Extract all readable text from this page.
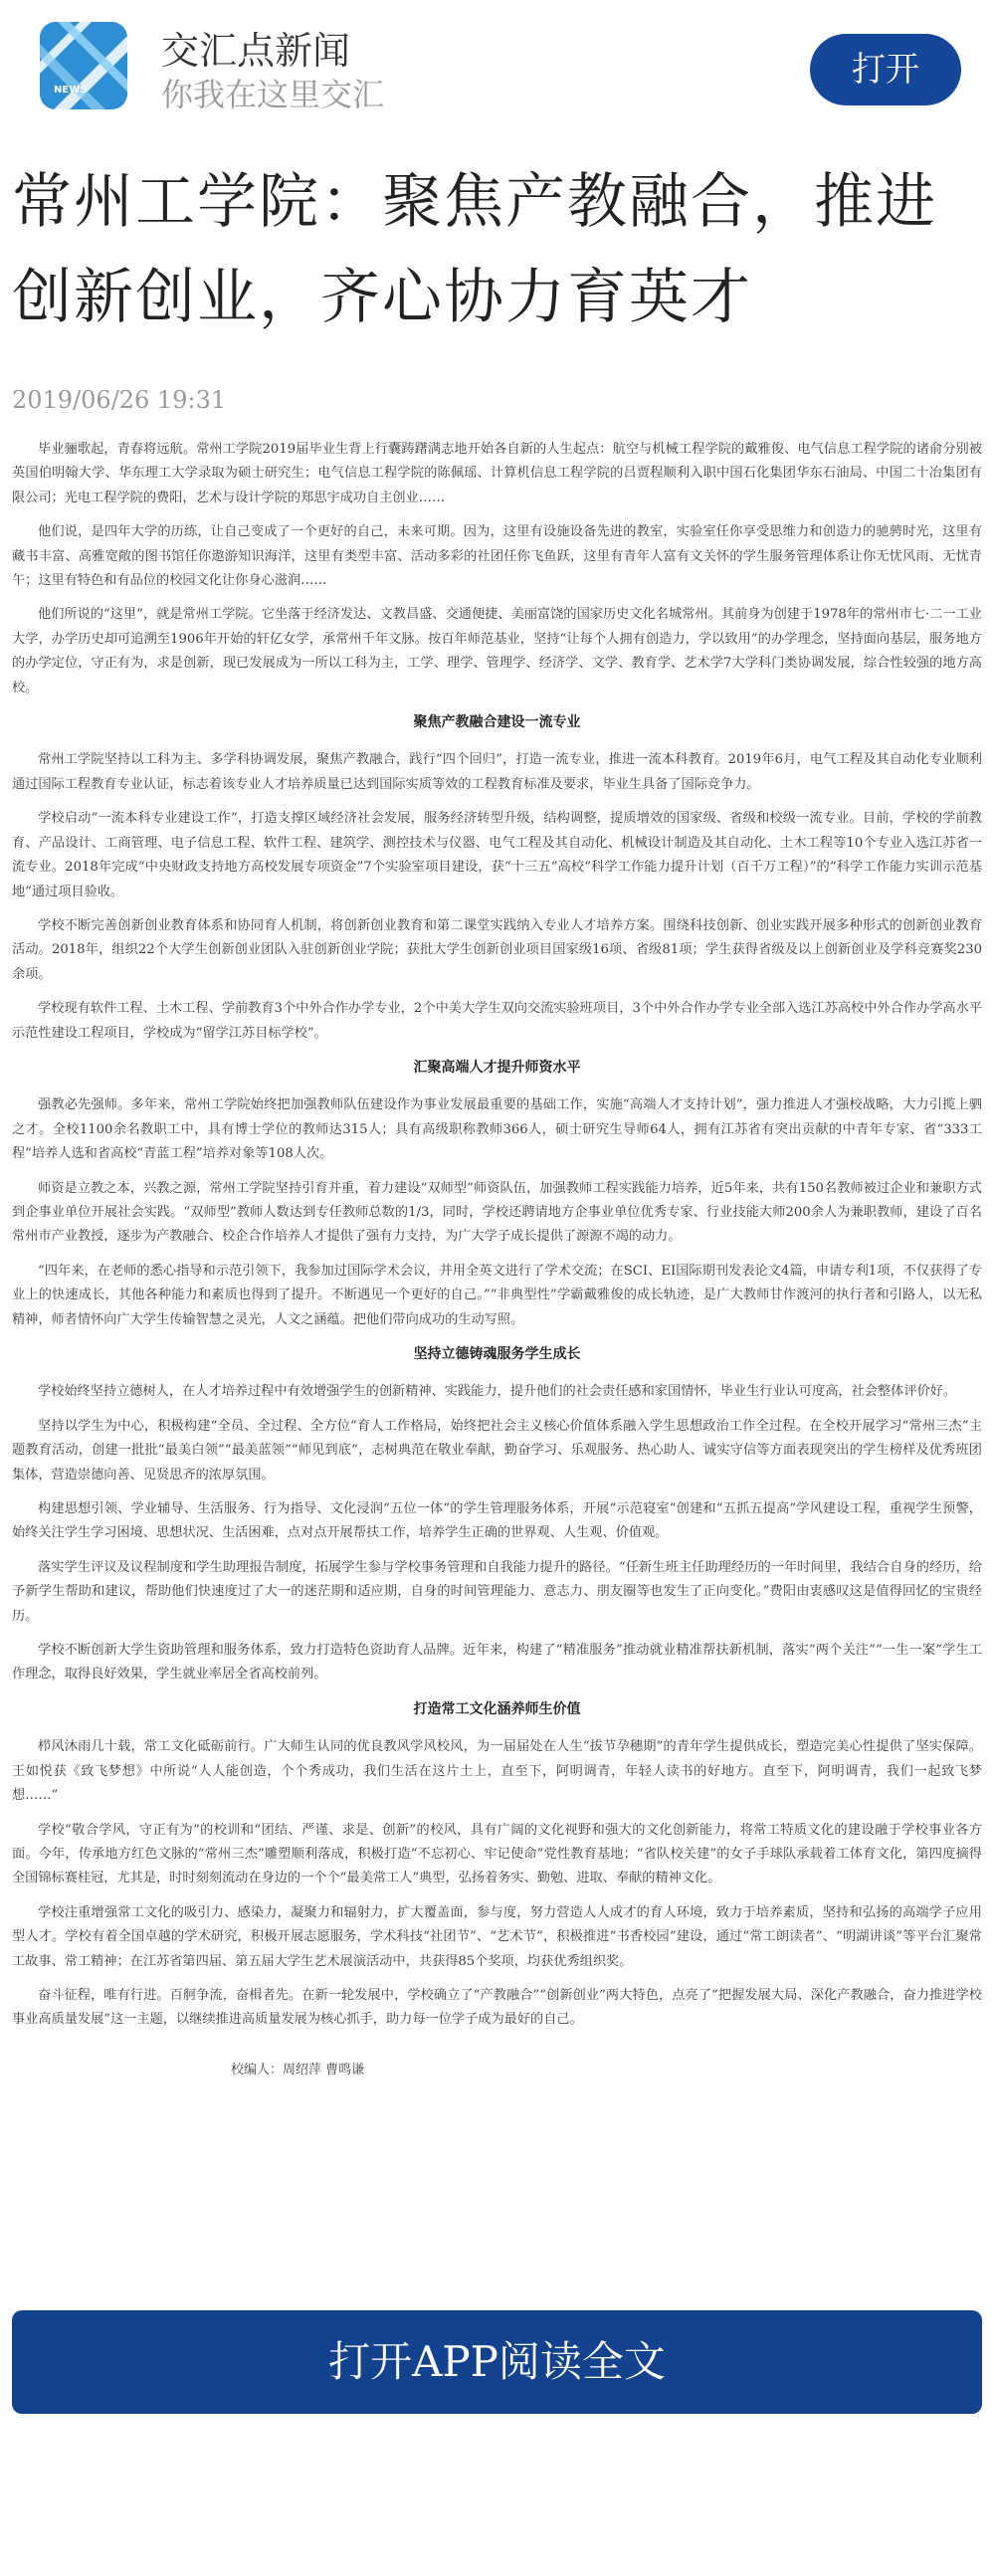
NEWS
交汇点新闻
你我在这里交汇
打开
常州工学院：聚焦产教融合，推进创新创业，齐心协力育英才
2019/06/26 19:31

毕业骊歌起，青春将远航。常州工学院2019届毕业生背上行囊踌躇满志地开始各自新的人生起点：航空与机械工程学院的戴雅俊、电气信息工程学院的诸俞分别被英国伯明翰大学、华东理工大学录取为硕士研究生；电气信息工程学院的陈佩瑶、计算机信息工程学院的吕贾程顺利入职中国石化集团华东石油局、中国二十冶集团有限公司；光电工程学院的费阳，艺术与设计学院的郑思宇成功自主创业……

他们说，是四年大学的历练，让自己变成了一个更好的自己，未来可期。因为，这里有设施设备先进的教室，实验室任你享受思维力和创造力的驰骋时光，这里有藏书丰富、高雅宽敞的图书馆任你遨游知识海洋，这里有类型丰富、活动多彩的社团任你飞鱼跃，这里有青年人富有文关怀的学生服务管理体系让你无忧风雨、无忧青午；这里有特色和有品位的校园文化让你身心滋润……

他们所说的“这里”，就是常州工学院。它坐落于经济发达、文教昌盛、交通便捷、美丽富饶的国家历史文化名城常州。其前身为创建于1978年的常州市七·二一工业大学，办学历史却可追溯至1906年开始的轩亿女学，承常州千年文脉。按百年师范基业，坚持“让每个人拥有创造力，学以致用”的办学理念，坚持面向基层，服务地方的办学定位，守正有为，求是创新，现已发展成为一所以工科为主，工学、理学、管理学、经济学、文学、教育学、艺术学7大学科门类协调发展，综合性较强的地方高校。

聚焦产教融合建设一流专业

常州工学院坚持以工科为主、多学科协调发展，聚焦产教融合，践行“四个回归”，打造一流专业，推进一流本科教育。2019年6月，电气工程及其自动化专业顺利通过国际工程教育专业认证，标志着该专业人才培养质量已达到国际实质等效的工程教育标准及要求，毕业生具备了国际竞争力。

学校启动“一流本科专业建设工作”，打造支撑区域经济社会发展，服务经济转型升级，结构调整，提质增效的国家级、省级和校级一流专业。目前，学校的学前教育、产品设计、工商管理、电子信息工程、软件工程、建筑学、测控技术与仪器、电气工程及其自动化、机械设计制造及其自动化、土木工程等10个专业入选江苏省一流专业。2018年完成“中央财政支持地方高校发展专项资金”7个实验室项目建设，获“十三五”高校“科学工作能力提升计划（百千万工程）”的“科学工作能力实训示范基地”通过项目验收。

学校不断完善创新创业教育体系和协同育人机制，将创新创业教育和第二课堂实践纳入专业人才培养方案。围绕科技创新、创业实践开展多种形式的创新创业教育活动。2018年，组织22个大学生创新创业团队入驻创新创业学院；获批大学生创新创业项目国家级16项、省级81项；学生获得省级及以上创新创业及学科竞赛奖230余项。

学校现有软件工程、土木工程、学前教育3个中外合作办学专业，2个中美大学生双向交流实验班项目，3个中外合作办学专业全部入选江苏高校中外合作办学高水平示范性建设工程项目，学校成为“留学江苏目标学校”。

汇聚高端人才提升师资水平

强教必先强师。多年来，常州工学院始终把加强教师队伍建设作为事业发展最重要的基础工作，实施“高端人才支持计划”，强力推进人才强校战略，大力引揽上驷之才。全校1100余名教职工中，具有博士学位的教师达315人；具有高级职称教师366人，硕士研究生导师64人，拥有江苏省有突出贡献的中青年专家、省“333工程”培养人选和省高校“青蓝工程”培养对象等108人次。

师资是立教之本，兴教之源，常州工学院坚持引育并重，着力建设“双师型”师资队伍，加强教师工程实践能力培养，近5年来，共有150名教师被过企业和兼职方式到企事业单位开展社会实践。“双师型”教师人数达到专任教师总数的1/3，同时，学校还聘请地方企事业单位优秀专家、行业技能大师200余人为兼职教师，建设了百名常州市产业教授，逐步为产教融合、校企合作培养人才提供了强有力支持，为广大学子成长提供了源源不竭的动力。

“四年来，在老师的悉心指导和示范引领下，我参加过国际学术会议，并用全英文进行了学术交流；在SCI、EI国际期刊发表论文4篇，申请专利1项，不仅获得了专业上的快速成长，其他各种能力和素质也得到了提升。不断遇见一个更好的自己。”“非典型性”学霸戴雅俊的成长轨迹，是广大教师甘作渡河的执行者和引路人，以无私精神，师者情怀向广大学生传输智慧之灵光，人文之涵蕴。把他们带向成功的生动写照。

坚持立德铸魂服务学生成长

学校始终坚持立德树人，在人才培养过程中有效增强学生的创新精神、实践能力，提升他们的社会责任感和家国情怀，毕业生行业认可度高，社会整体评价好。

坚持以学生为中心，积极构建“全员、全过程、全方位”育人工作格局，始终把社会主义核心价值体系融入学生思想政治工作全过程。在全校开展学习“常州三杰”主题教育活动，创建一批批“最美白领”“最美蓝领”“师见到底”，志树典范在敬业奉献，勤奋学习、乐观服务、热心助人、诚实守信等方面表现突出的学生榜样及优秀班团集体，营造崇德向善、见贤思齐的浓厚氛围。

构建思想引领、学业辅导、生活服务、行为指导、文化浸润“五位一体”的学生管理服务体系，开展“示范寝室”创建和“五抓五提高”学风建设工程，重视学生预警，始终关注学生学习困境、思想状况、生活困难，点对点开展帮扶工作，培养学生正确的世界观、人生观、价值观。

落实学生评议及议程制度和学生助理报告制度，拓展学生参与学校事务管理和自我能力提升的路径。“任新生班主任助理经历的一年时间里，我结合自身的经历，给予新学生帮助和建议，帮助他们快速度过了大一的迷茫期和适应期，自身的时间管理能力、意志力、朋友圈等也发生了正向变化。”费阳由衷感叹这是值得回忆的宝贵经历。

学校不断创新大学生资助管理和服务体系，致力打造特色资助育人品牌。近年来，构建了“精准服务”推动就业精准帮扶新机制，落实“两个关注”“一生一案”学生工作理念，取得良好效果，学生就业率居全省高校前列。

打造常工文化涵养师生价值

栉风沐雨几十载，常工文化砥砺前行。广大师生认同的优良教风学风校风，为一届届处在人生“拔节孕穗期”的青年学生提供成长，塑造完美心性提供了坚实保障。王如悦获《致飞梦想》中所说“人人能创造，个个秀成功，我们生活在这片土上，直至下，阿明调青，年轻人读书的好地方。直至下，阿明调青，我们一起致飞梦想……”

学校“敬合学风，守正有为”的校训和“团结、严谨、求是、创新”的校风，具有广阔的文化视野和强大的文化创新能力，将常工特质文化的建设融于学校事业各方面。今年，传承地方红色文脉的“常州三杰”雕塑顺利落成，积极打造“不忘初心、牢记使命”党性教育基地；“省队校关建”的女子手球队承载着工体育文化，第四度摘得全国锦标赛桂冠，尤其是，时时刻刻流动在身边的一个个“最美常工人”典型，弘扬着务实、勤勉、进取、奉献的精神文化。

学校注重增强常工文化的吸引力、感染力，凝聚力和辐射力，扩大覆盖面，参与度，努力营造人人成才的育人环境，致力于培养素质，坚持和弘扬的高端学子应用型人才。学校有着全国卓越的学术研究，积极开展志愿服务，学术科技“社团节”、“艺术节”，积极推进“书香校园”建设，通过“常工朗读者”、“明湖讲谈”等平台汇聚常工故事、常工精神；在江苏省第四届、第五届大学生艺术展演活动中，共获得85个奖项，均获优秀组织奖。

奋斗征程，唯有行进。百舸争流，奋楫者先。在新一轮发展中，学校确立了“产教融合”“创新创业”两大特色，点亮了“把握发展大局、深化产教融合，奋力推进学校事业高质量发展”这一主题，以继续推进高质量发展为核心抓手，助力每一位学子成为最好的自己。

校编人：周绍萍 曹鸣谦
打开APP阅读全文
